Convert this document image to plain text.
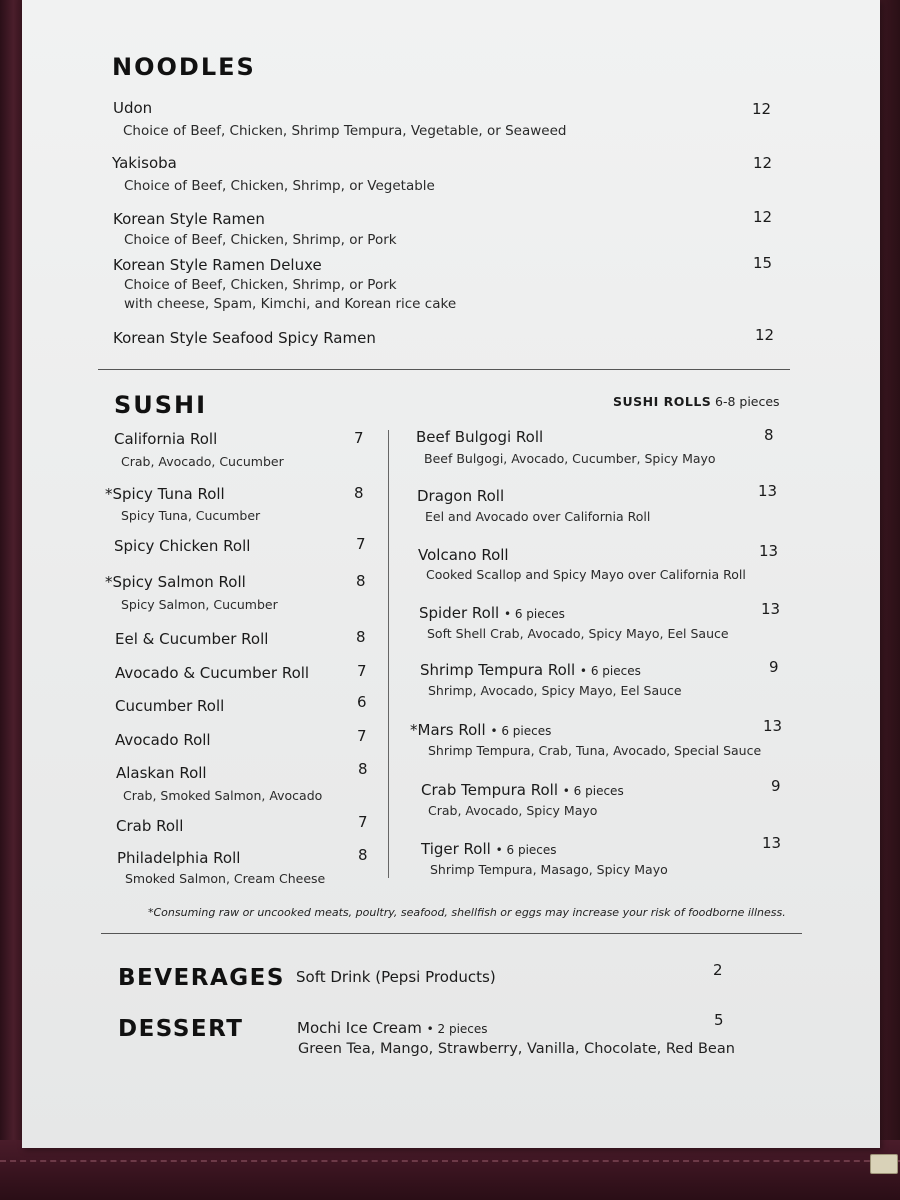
NOODLES
Udon	12
Choice of Beef, Chicken, Shrimp Tempura, Vegetable, or Seaweed
Yakisoba	12
Choice of Beef, Chicken, Shrimp, or Vegetable
Korean Style Ramen	12
Choice of Beef, Chicken, Shrimp, or Pork
Korean Style Ramen Deluxe	15
Choice of Beef, Chicken, Shrimp, or Pork
with cheese, Spam, Kimchi, and Korean rice cake
Korean Style Seafood Spicy Ramen	12
SUSHI	SUSHI ROLLS 6-8 pieces
California Roll	7
Crab, Avocado, Cucumber
*Spicy Tuna Roll	8
Spicy Tuna, Cucumber
Spicy Chicken Roll	7
*Spicy Salmon Roll	8
Spicy Salmon, Cucumber
Eel & Cucumber Roll	8
Avocado & Cucumber Roll	7
Cucumber Roll	6
Avocado Roll	7
Alaskan Roll	8
Crab, Smoked Salmon, Avocado
Crab Roll	7
Philadelphia Roll	8
Smoked Salmon, Cream Cheese
Beef Bulgogi Roll	8
Beef Bulgogi, Avocado, Cucumber, Spicy Mayo
Dragon Roll	13
Eel and Avocado over California Roll
Volcano Roll	13
Cooked Scallop and Spicy Mayo over California Roll
Spider Roll • 6 pieces	13
Soft Shell Crab, Avocado, Spicy Mayo, Eel Sauce
Shrimp Tempura Roll • 6 pieces	9
Shrimp, Avocado, Spicy Mayo, Eel Sauce
*Mars Roll • 6 pieces	13
Shrimp Tempura, Crab, Tuna, Avocado, Special Sauce
Crab Tempura Roll • 6 pieces	9
Crab, Avocado, Spicy Mayo
Tiger Roll • 6 pieces	13
Shrimp Tempura, Masago, Spicy Mayo
*Consuming raw or uncooked meats, poultry, seafood, shellfish or eggs may increase your risk of foodborne illness.
BEVERAGES Soft Drink (Pepsi Products)	2
DESSERT	Mochi Ice Cream • 2 pieces	5
Green Tea, Mango, Strawberry, Vanilla, Chocolate, Red Bean
